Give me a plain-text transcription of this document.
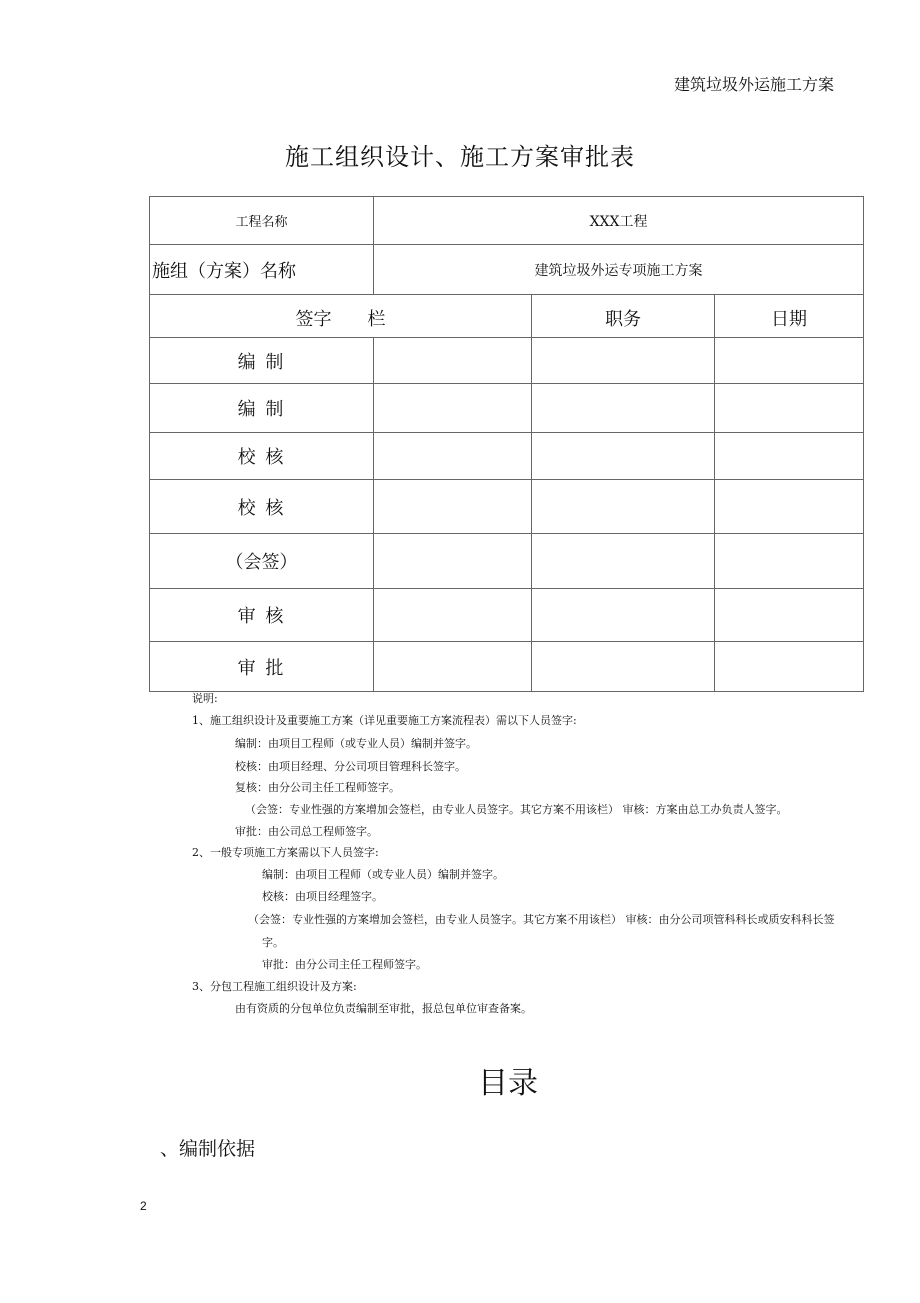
建筑垃圾外运施工方案
施工组织设计、施工方案审批表
工程名称	XXX工程		
施组（方案）名称	建筑垃圾外运专项施工方案		
签字　　栏		职务	日期
编 制			
编 制			
校 核			
校 核			
（会签）			
审 核			
审 批			
说明:
1、施工组织设计及重要施工方案（详见重要施工方案流程表）需以下人员签字:
编制：由项目工程师（或专业人员）编制并签字。
校核：由项目经理、分公司项目管理科长签字。
复核：由分公司主任工程师签字。
（会签：专业性强的方案增加会签栏，由专业人员签字。其它方案不用该栏） 审核：方案由总工办负责人签字。
审批：由公司总工程师签字。
2、一般专项施工方案需以下人员签字:
编制：由项目工程师（或专业人员）编制并签字。
校核：由项目经理签字。
（会签：专业性强的方案增加会签栏，由专业人员签字。其它方案不用该栏） 审核：由分公司项管科科长或质安科科长签
字。
审批：由分公司主任工程师签字。
3、分包工程施工组织设计及方案:
由有资质的分包单位负责编制至审批，报总包单位审查备案。
目录
、编制依据
2
